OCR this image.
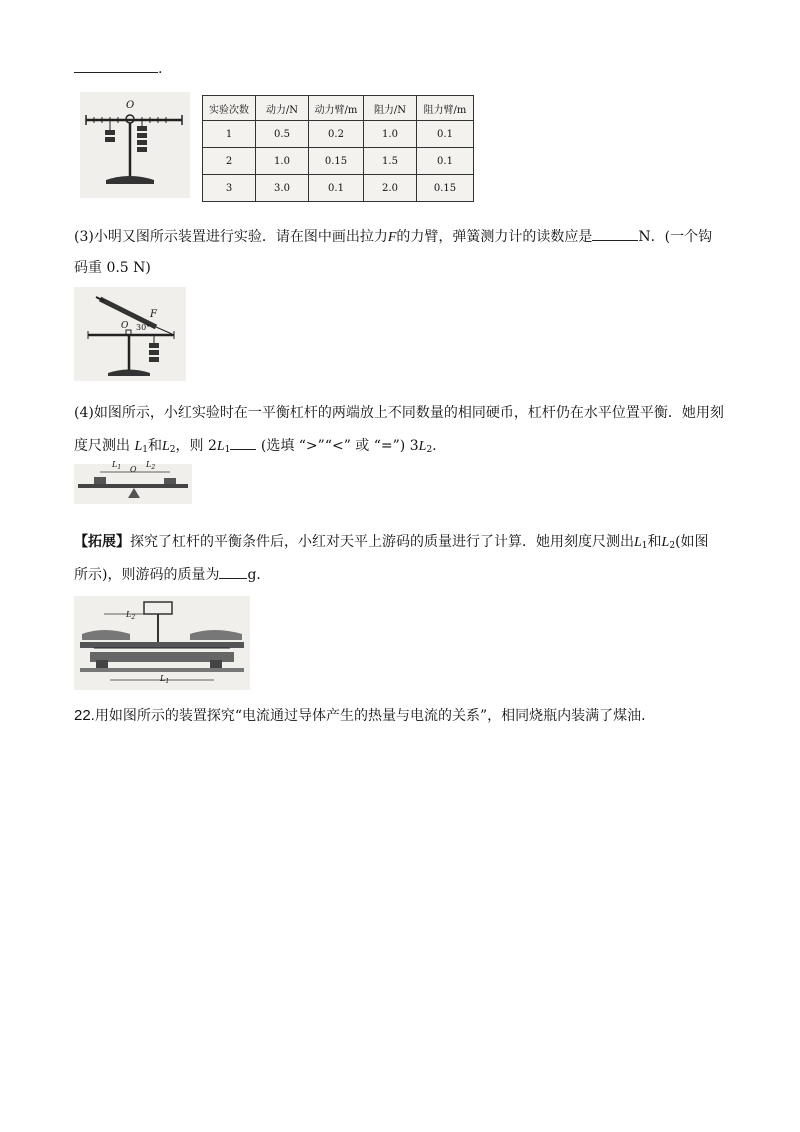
.
O	实验次数	动力/N	动力臂/m	阻力/N	阻力臂/m
1	0.5	0.2	1.0	0.1
2	1.0	0.15	1.5	0.1
3	3.0	0.1	2.0	0.15
(3)小明又图所示装置进行实验．请在图中画出拉力F的力臂，弹簧测力计的读数应是	N．(一个钩
码重 0.5 N)
O
F
30°
(4)如图所示，小红实验时在一平衡杠杆的两端放上不同数量的相同硬币，杠杆仍在水平位置平衡．她用刻
度尺测出 $L_1$和$L_2$，则 $2L_1$ (选填 “>”“<” 或 “=”) $3L_2$.
$L_1$	$L_2$
O
【拓展】探究了杠杆的平衡条件后，小红对天平上游码的质量进行了计算．她用刻度尺测出$L_1$和$L_2$(如图
所示)，则游码的质量为 g．
$L_2$
$L_1$
22.用如图所示的装置探究“电流通过导体产生的热量与电流的关系”，相同烧瓶内装满了煤油．
